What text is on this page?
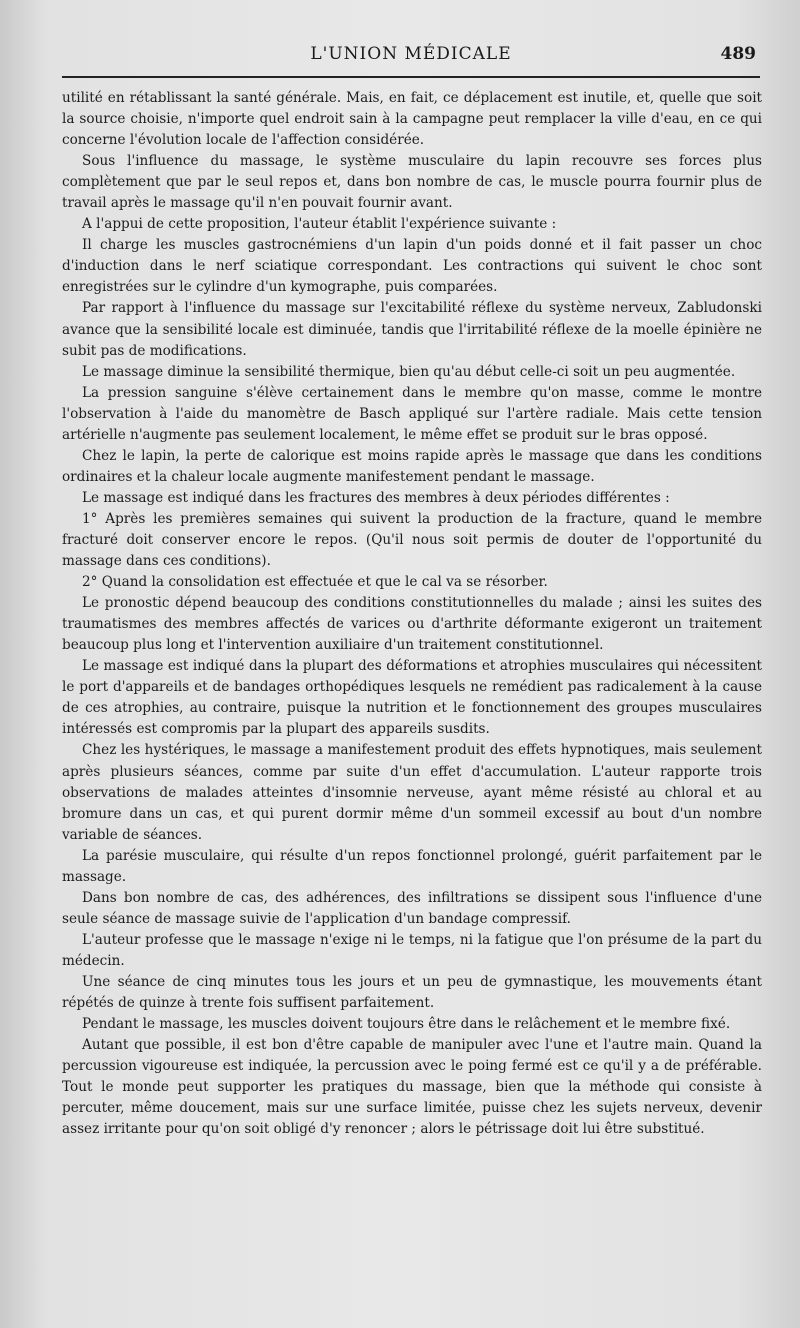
L'UNION MÉDICALE	489

utilité en rétablissant la santé générale. Mais, en fait, ce déplacement est inutile, et, quelle que soit la source choisie, n'importe quel endroit sain à la campagne peut remplacer la ville d'eau, en ce qui concerne l'évolution locale de l'affection considérée.

Sous l'influence du massage, le système musculaire du lapin recouvre ses forces plus complètement que par le seul repos et, dans bon nombre de cas, le muscle pourra fournir plus de travail après le massage qu'il n'en pouvait fournir avant.

A l'appui de cette proposition, l'auteur établit l'expérience suivante :

Il charge les muscles gastrocnémiens d'un lapin d'un poids donné et il fait passer un choc d'induction dans le nerf sciatique correspondant. Les contractions qui suivent le choc sont enregistrées sur le cylindre d'un kymographe, puis comparées.

Par rapport à l'influence du massage sur l'excitabilité réflexe du système nerveux, Zabludonski avance que la sensibilité locale est diminuée, tandis que l'irritabilité réflexe de la moelle épinière ne subit pas de modifications.

Le massage diminue la sensibilité thermique, bien qu'au début celle-ci soit un peu augmentée.

La pression sanguine s'élève certainement dans le membre qu'on masse, comme le montre l'observation à l'aide du manomètre de Basch appliqué sur l'artère radiale. Mais cette tension artérielle n'augmente pas seulement localement, le même effet se produit sur le bras opposé.

Chez le lapin, la perte de calorique est moins rapide après le massage que dans les conditions ordinaires et la chaleur locale augmente manifestement pendant le massage.

Le massage est indiqué dans les fractures des membres à deux périodes différentes :

1° Après les premières semaines qui suivent la production de la fracture, quand le membre fracturé doit conserver encore le repos. (Qu'il nous soit permis de douter de l'opportunité du massage dans ces conditions).

2° Quand la consolidation est effectuée et que le cal va se résorber.

Le pronostic dépend beaucoup des conditions constitutionnelles du malade ; ainsi les suites des traumatismes des membres affectés de varices ou d'arthrite déformante exigeront un traitement beaucoup plus long et l'intervention auxiliaire d'un traitement constitutionnel.

Le massage est indiqué dans la plupart des déformations et atrophies musculaires qui nécessitent le port d'appareils et de bandages orthopédiques lesquels ne remédient pas radicalement à la cause de ces atrophies, au contraire, puisque la nutrition et le fonctionnement des groupes musculaires intéressés est compromis par la plupart des appareils susdits.

Chez les hystériques, le massage a manifestement produit des effets hypnotiques, mais seulement après plusieurs séances, comme par suite d'un effet d'accumulation. L'auteur rapporte trois observations de malades atteintes d'insomnie nerveuse, ayant même résisté au chloral et au bromure dans un cas, et qui purent dormir même d'un sommeil excessif au bout d'un nombre variable de séances.

La parésie musculaire, qui résulte d'un repos fonctionnel prolongé, guérit parfaitement par le massage.

Dans bon nombre de cas, des adhérences, des infiltrations se dissipent sous l'influence d'une seule séance de massage suivie de l'application d'un bandage compressif.

L'auteur professe que le massage n'exige ni le temps, ni la fatigue que l'on présume de la part du médecin.

Une séance de cinq minutes tous les jours et un peu de gymnastique, les mouvements étant répétés de quinze à trente fois suffisent parfaitement.

Pendant le massage, les muscles doivent toujours être dans le relâchement et le membre fixé.

Autant que possible, il est bon d'être capable de manipuler avec l'une et l'autre main. Quand la percussion vigoureuse est indiquée, la percussion avec le poing fermé est ce qu'il y a de préférable. Tout le monde peut supporter les pratiques du massage, bien que la méthode qui consiste à percuter, même doucement, mais sur une surface limitée, puisse chez les sujets nerveux, devenir assez irritante pour qu'on soit obligé d'y renoncer ; alors le pétrissage doit lui être substitué.
